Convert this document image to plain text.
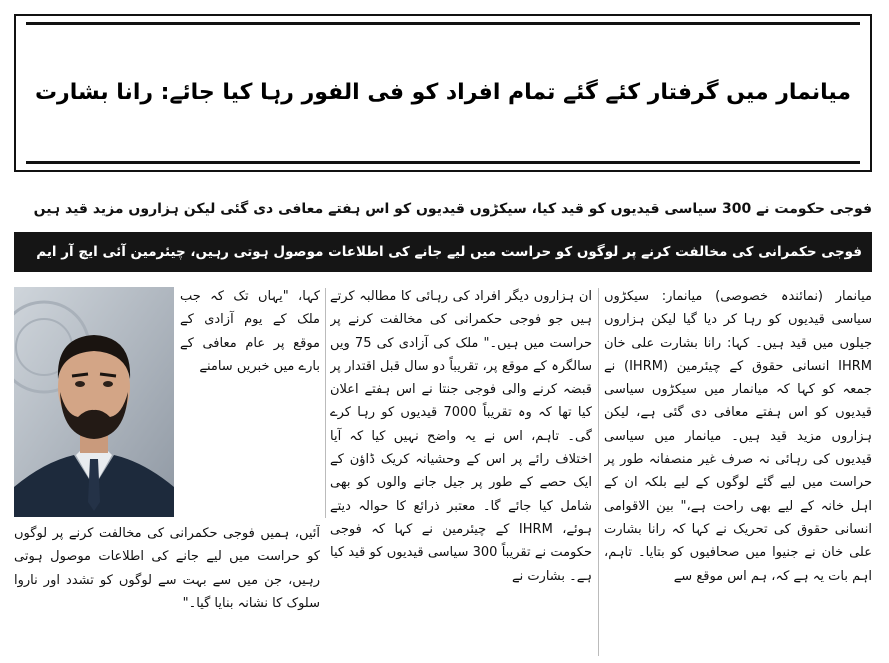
میانمار میں گرفتار کئے گئے تمام افراد کو فی الفور رہا کیا جائے: رانا بشارت
فوجی حکومت نے 300 سیاسی قیدیوں کو قید کیا، سیکڑوں قیدیوں کو اس ہفتے معافی دی گئی لیکن ہزاروں مزید قید ہیں
فوجی حکمرانی کی مخالفت کرنے پر لوگوں کو حراست میں لیے جانے کی اطلاعات موصول ہوتی رہیں، چیئرمین آئی ایچ آر ایم

میانمار (نمائندہ خصوصی) میانمار: سیکڑوں سیاسی قیدیوں کو رہا کر دیا گیا لیکن ہزاروں جیلوں میں قید ہیں۔ کہا: رانا بشارت علی خان IHRM انسانی حقوق کے چیئرمین (IHRM) نے جمعہ کو کہا کہ میانمار میں سیکڑوں سیاسی قیدیوں کو اس ہفتے معافی دی گئی ہے، لیکن ہزاروں مزید قید ہیں۔ میانمار میں سیاسی قیدیوں کی رہائی نہ صرف غیر منصفانہ طور پر حراست میں لیے گئے لوگوں کے لیے بلکہ ان کے اہل خانہ کے لیے بھی راحت ہے،" بین الاقوامی انسانی حقوق کی تحریک نے کہا کہ رانا بشارت علی خان نے جنیوا میں صحافیوں کو بتایا۔ تاہم، اہم بات یہ ہے کہ، ہم اس موقع سے

ان ہزاروں دیگر افراد کی رہائی کا مطالبہ کرتے ہیں جو فوجی حکمرانی کی مخالفت کرنے پر حراست میں ہیں۔" ملک کی آزادی کی 75 ویں سالگرہ کے موقع پر، تقریباً دو سال قبل اقتدار پر قبضہ کرنے والی فوجی جنتا نے اس ہفتے اعلان کیا تھا کہ وہ تقریباً 7000 قیدیوں کو رہا کرے گی۔ تاہم، اس نے یہ واضح نہیں کیا کہ آیا اختلاف رائے پر اس کے وحشیانہ کریک ڈاؤن کے ایک حصے کے طور پر جیل جانے والوں کو بھی شامل کیا جائے گا۔ معتبر ذرائع کا حوالہ دیتے ہوئے، IHRM کے چیئرمین نے کہا کہ فوجی حکومت نے تقریباً 300 سیاسی قیدیوں کو قید کیا ہے۔ بشارت نے

کہا، "یہاں تک کہ جب ملک کے یوم آزادی کے موقع پر عام معافی کے بارے میں خبریں سامنے

آئیں، ہمیں فوجی حکمرانی کی مخالفت کرنے پر لوگوں کو حراست میں لیے جانے کی اطلاعات موصول ہوتی رہیں، جن میں سے بہت سے لوگوں کو تشدد اور ناروا سلوک کا نشانہ بنایا گیا۔"
